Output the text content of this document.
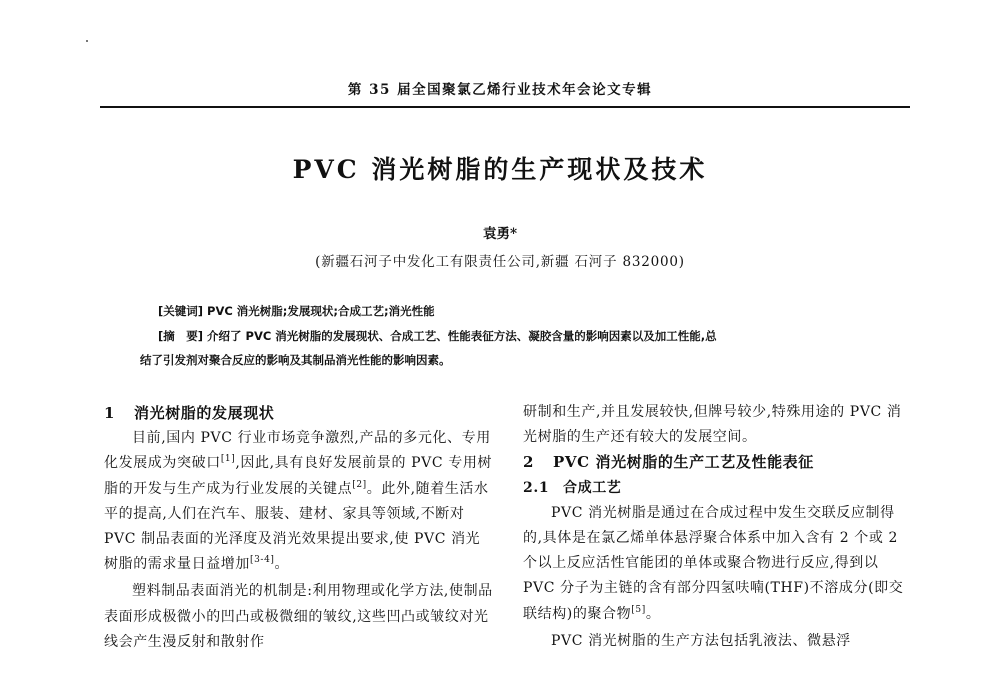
第 35 届全国聚氯乙烯行业技术年会论文专辑
PVC 消光树脂的生产现状及技术
袁勇*
(新疆石河子中发化工有限责任公司,新疆 石河子 832000)
[关键词] PVC 消光树脂;发展现状;合成工艺;消光性能
[摘　要] 介绍了 PVC 消光树脂的发展现状、合成工艺、性能表征方法、凝胶含量的影响因素以及加工性能,总
结了引发剂对聚合反应的影响及其制品消光性能的影响因素。
1 消光树脂的发展现状

目前,国内 PVC 行业市场竞争激烈,产品的多元化、专用化发展成为突破口[1],因此,具有良好发展前景的 PVC 专用树脂的开发与生产成为行业发展的关键点[2]。此外,随着生活水平的提高,人们在汽车、服装、建材、家具等领域,不断对 PVC 制品表面的光泽度及消光效果提出要求,使 PVC 消光树脂的需求量日益增加[3-4]。

塑料制品表面消光的机制是:利用物理或化学方法,使制品表面形成极微小的凹凸或极微细的皱纹,这些凹凸或皱纹对光线会产生漫反射和散射作

研制和生产,并且发展较快,但牌号较少,特殊用途的 PVC 消光树脂的生产还有较大的发展空间。

2 PVC 消光树脂的生产工艺及性能表征
2.1 合成工艺

PVC 消光树脂是通过在合成过程中发生交联反应制得的,具体是在氯乙烯单体悬浮聚合体系中加入含有 2 个或 2 个以上反应活性官能团的单体或聚合物进行反应,得到以 PVC 分子为主链的含有部分四氢呋喃(THF)不溶成分(即交联结构)的聚合物[5]。

PVC 消光树脂的生产方法包括乳液法、微悬浮
